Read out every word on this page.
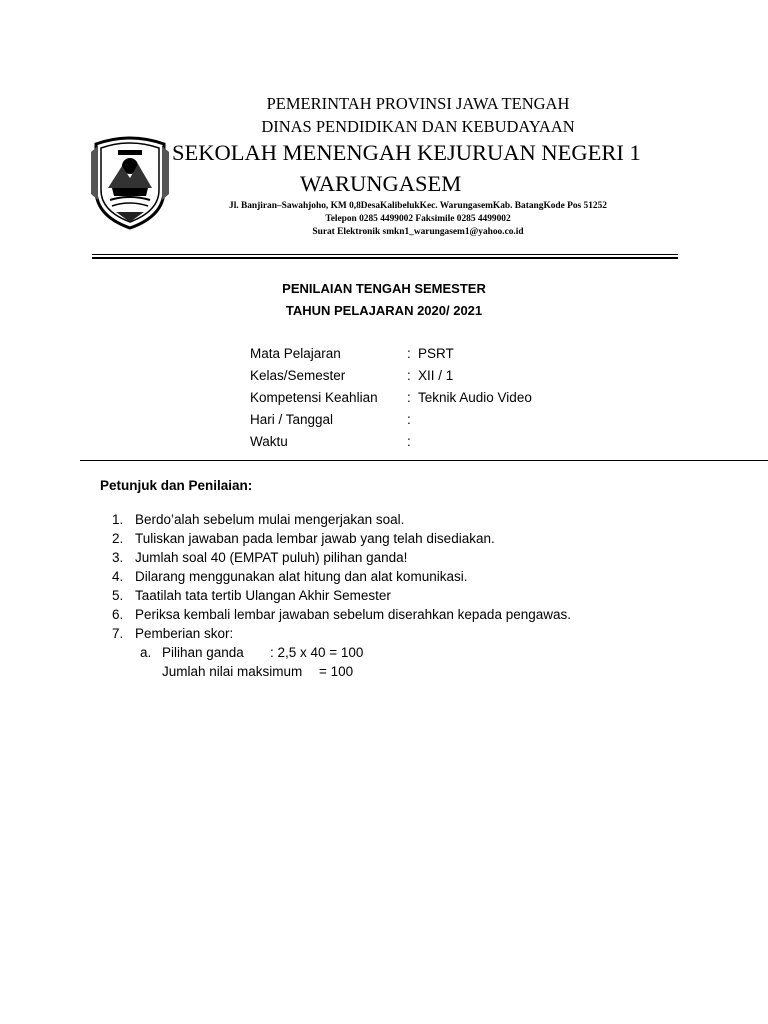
PEMERINTAH PROVINSI JAWA TENGAH
DINAS PENDIDIKAN DAN KEBUDAYAAN
SEKOLAH MENENGAH KEJURUAN NEGERI 1
WARUNGASEM
Jl. Banjiran–Sawahjoho, KM 0,8DesaKalibelukKec. WarungasemKab. BatangKode Pos 51252
Telepon 0285 4499002 Faksimile 0285 4499002
Surat Elektronik smkn1_warungasem1@yahoo.co.id
PENILAIAN TENGAH SEMESTER
TAHUN PELAJARAN 2020/ 2021
Mata Pelajaran	: PSRT
Kelas/Semester	: XII / 1
Kompetensi Keahlian : Teknik Audio Video
Hari / Tanggal	:
Waktu	:
Petunjuk dan Penilaian:
1. Berdo’alah sebelum mulai mengerjakan soal.
2. Tuliskan jawaban pada lembar jawab yang telah disediakan.
3. Jumlah soal 40 (EMPAT puluh) pilihan ganda!
4. Dilarang menggunakan alat hitung dan alat komunikasi.
5. Taatilah tata tertib Ulangan Akhir Semester
6. Periksa kembali lembar jawaban sebelum diserahkan kepada pengawas.
7. Pemberian skor:
a. Pilihan ganda : 2,5 x 40 = 100
Jumlah nilai maksimum = 100
